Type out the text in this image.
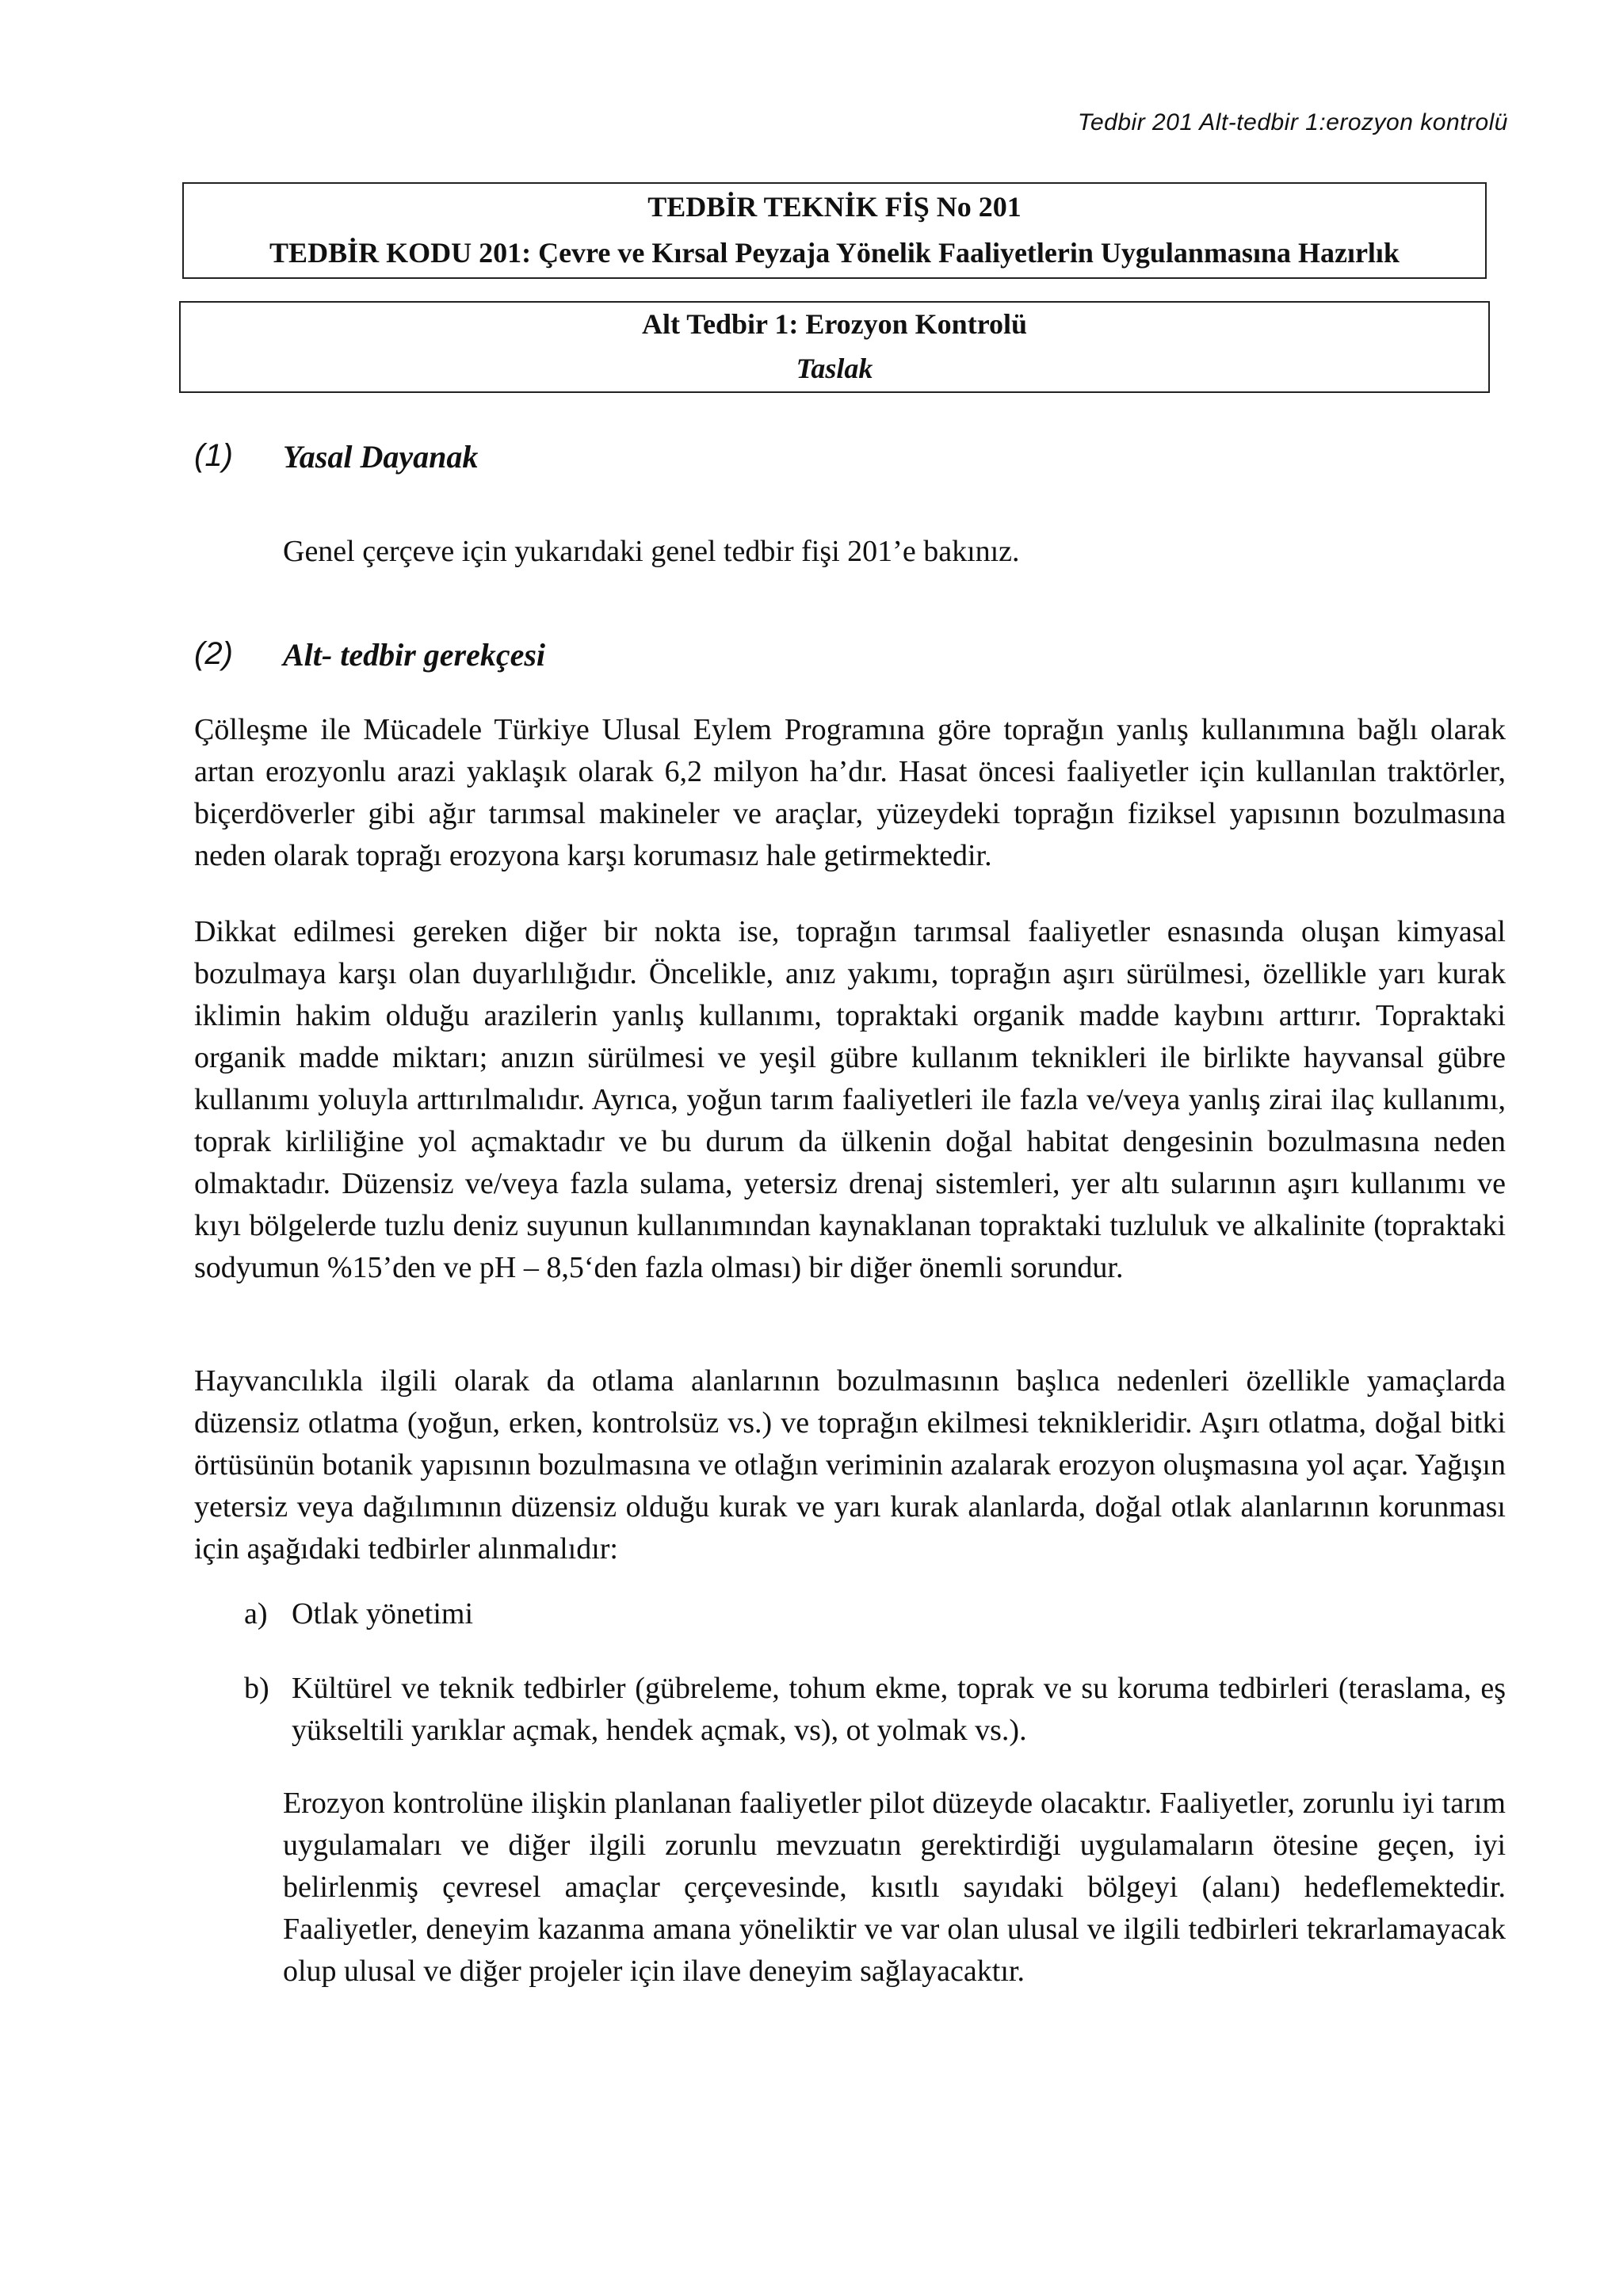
Tedbir 201 Alt-tedbir 1:erozyon kontrolü
TEDBİR TEKNİK FİŞ No 201
TEDBİR KODU 201: Çevre ve Kırsal Peyzaja Yönelik Faaliyetlerin Uygulanmasına Hazırlık
Alt Tedbir 1: Erozyon Kontrolü
Taslak
(1) Yasal Dayanak

Genel çerçeve için yukarıdaki genel tedbir fişi 201’e bakınız.

(2) Alt- tedbir gerekçesi

Çölleşme ile Mücadele Türkiye Ulusal Eylem Programına göre toprağın yanlış kullanımına bağlı olarak artan erozyonlu arazi yaklaşık olarak 6,2 milyon ha’dır. Hasat öncesi faaliyetler için kullanılan traktörler, biçerdöverler gibi ağır tarımsal makineler ve araçlar, yüzeydeki toprağın fiziksel yapısının bozulmasına neden olarak toprağı erozyona karşı korumasız hale getirmektedir.

Dikkat edilmesi gereken diğer bir nokta ise, toprağın tarımsal faaliyetler esnasında oluşan kimyasal bozulmaya karşı olan duyarlılığıdır. Öncelikle, anız yakımı, toprağın aşırı sürülmesi, özellikle yarı kurak iklimin hakim olduğu arazilerin yanlış kullanımı, topraktaki organik madde kaybını arttırır. Topraktaki organik madde miktarı; anızın sürülmesi ve yeşil gübre kullanım teknikleri ile birlikte hayvansal gübre kullanımı yoluyla arttırılmalıdır. Ayrıca, yoğun tarım faaliyetleri ile fazla ve/veya yanlış zirai ilaç kullanımı, toprak kirliliğine yol açmaktadır ve bu durum da ülkenin doğal habitat dengesinin bozulmasına neden olmaktadır. Düzensiz ve/veya fazla sulama, yetersiz drenaj sistemleri, yer altı sularının aşırı kullanımı ve kıyı bölgelerde tuzlu deniz suyunun kullanımından kaynaklanan topraktaki tuzluluk ve alkalinite (topraktaki sodyumun %15’den ve pH – 8,5‘den fazla olması) bir diğer önemli sorundur.

Hayvancılıkla ilgili olarak da otlama alanlarının bozulmasının başlıca nedenleri özellikle yamaçlarda düzensiz otlatma (yoğun, erken, kontrolsüz vs.) ve toprağın ekilmesi teknikleridir. Aşırı otlatma, doğal bitki örtüsünün botanik yapısının bozulmasına ve otlağın veriminin azalarak erozyon oluşmasına yol açar. Yağışın yetersiz veya dağılımının düzensiz olduğu kurak ve yarı kurak alanlarda, doğal otlak alanlarının korunması için aşağıdaki tedbirler alınmalıdır:

a) Otlak yönetimi
b) Kültürel ve teknik tedbirler (gübreleme, tohum ekme, toprak ve su koruma tedbirleri (teraslama, eş yükseltili yarıklar açmak, hendek açmak, vs), ot yolmak vs.).

Erozyon kontrolüne ilişkin planlanan faaliyetler pilot düzeyde olacaktır. Faaliyetler, zorunlu iyi tarım uygulamaları ve diğer ilgili zorunlu mevzuatın gerektirdiği uygulamaların ötesine geçen, iyi belirlenmiş çevresel amaçlar çerçevesinde, kısıtlı sayıdaki bölgeyi (alanı) hedeflemektedir. Faaliyetler, deneyim kazanma amana yöneliktir ve var olan ulusal ve ilgili tedbirleri tekrarlamayacak olup ulusal ve diğer projeler için ilave deneyim sağlayacaktır.
